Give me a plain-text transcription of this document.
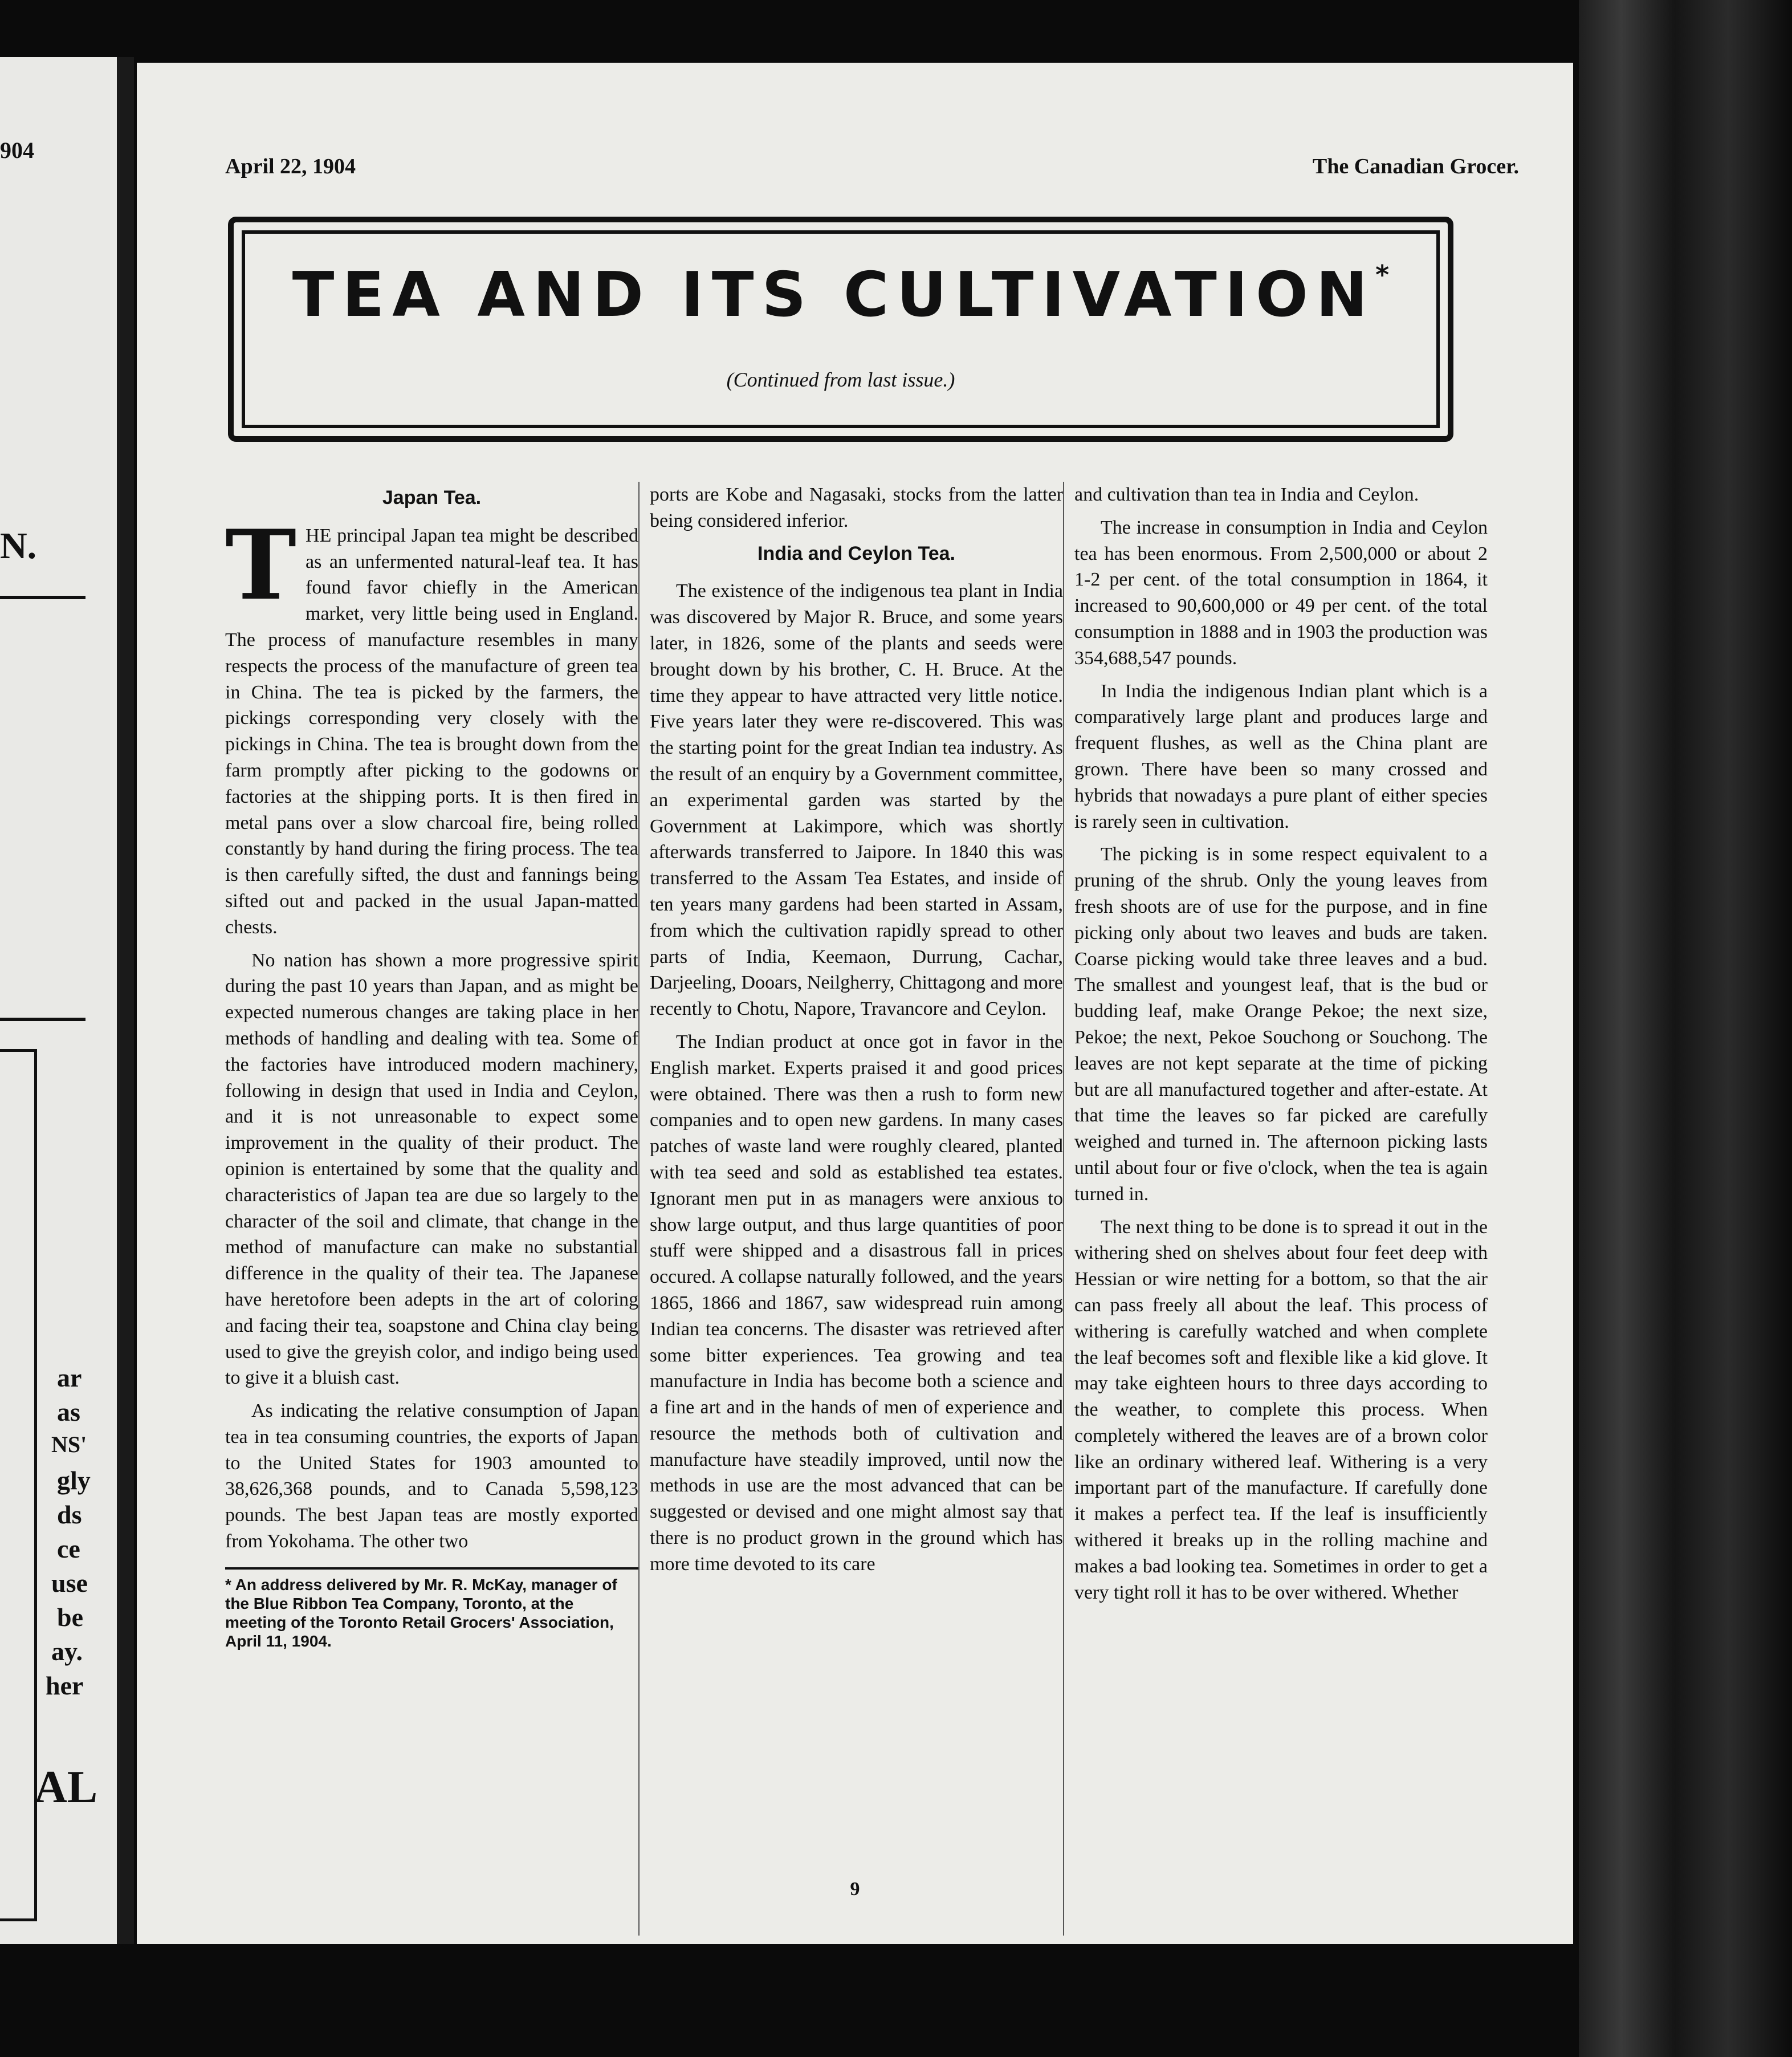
904
N.
ar
as
NS'
gly
ds
ce
use
be
ay.
her
AL
April 22, 1904	The Canadian Grocer.
TEA AND ITS CULTIVATION*
(Continued from last issue.)
Japan Tea.

THE principal Japan tea might be described as an unfermented natural-leaf tea. It has found favor chiefly in the American market, very little being used in England. The process of manufacture resembles in many respects the process of the manufacture of green tea in China. The tea is picked by the farmers, the pickings corresponding very closely with the pickings in China. The tea is brought down from the farm promptly after picking to the godowns or factories at the shipping ports. It is then fired in metal pans over a slow charcoal fire, being rolled constantly by hand during the firing process. The tea is then carefully sifted, the dust and fannings being sifted out and packed in the usual Japan-matted chests.

No nation has shown a more progressive spirit during the past 10 years than Japan, and as might be expected numerous changes are taking place in her methods of handling and dealing with tea. Some of the factories have introduced modern machinery, following in design that used in India and Ceylon, and it is not unreasonable to expect some improvement in the quality of their product. The opinion is entertained by some that the quality and characteristics of Japan tea are due so largely to the character of the soil and climate, that change in the method of manufacture can make no substantial difference in the quality of their tea. The Japanese have heretofore been adepts in the art of coloring and facing their tea, soapstone and China clay being used to give the greyish color, and indigo being used to give it a bluish cast.

As indicating the relative consumption of Japan tea in tea consuming countries, the exports of Japan to the United States for 1903 amounted to 38,626,368 pounds, and to Canada 5,598,123 pounds. The best Japan teas are mostly exported from Yokohama. The other two

* An address delivered by Mr. R. McKay, manager of the Blue Ribbon Tea Company, Toronto, at the meeting of the Toronto Retail Grocers' Association, April 11, 1904.

ports are Kobe and Nagasaki, stocks from the latter being considered inferior.

India and Ceylon Tea.

The existence of the indigenous tea plant in India was discovered by Major R. Bruce, and some years later, in 1826, some of the plants and seeds were brought down by his brother, C. H. Bruce. At the time they appear to have attracted very little notice. Five years later they were re-discovered. This was the starting point for the great Indian tea industry. As the result of an enquiry by a Government committee, an experimental garden was started by the Government at Lakimpore, which was shortly afterwards transferred to Jaipore. In 1840 this was transferred to the Assam Tea Estates, and inside of ten years many gardens had been started in Assam, from which the cultivation rapidly spread to other parts of India, Keemaon, Durrung, Cachar, Darjeeling, Dooars, Neilgherry, Chittagong and more recently to Chotu, Napore, Travancore and Ceylon.

The Indian product at once got in favor in the English market. Experts praised it and good prices were obtained. There was then a rush to form new companies and to open new gardens. In many cases patches of waste land were roughly cleared, planted with tea seed and sold as established tea estates. Ignorant men put in as managers were anxious to show large output, and thus large quantities of poor stuff were shipped and a disastrous fall in prices occured. A collapse naturally followed, and the years 1865, 1866 and 1867, saw widespread ruin among Indian tea concerns. The disaster was retrieved after some bitter experiences. Tea growing and tea manufacture in India has become both a science and a fine art and in the hands of men of experience and resource the methods both of cultivation and manufacture have steadily improved, until now the methods in use are the most advanced that can be suggested or devised and one might almost say that there is no product grown in the ground which has more time devoted to its care

and cultivation than tea in India and Ceylon.

The increase in consumption in India and Ceylon tea has been enormous. From 2,500,000 or about 2 1-2 per cent. of the total consumption in 1864, it increased to 90,600,000 or 49 per cent. of the total consumption in 1888 and in 1903 the production was 354,688,547 pounds.

In India the indigenous Indian plant which is a comparatively large plant and produces large and frequent flushes, as well as the China plant are grown. There have been so many crossed and hybrids that nowadays a pure plant of either species is rarely seen in cultivation.

The picking is in some respect equivalent to a pruning of the shrub. Only the young leaves from fresh shoots are of use for the purpose, and in fine picking only about two leaves and buds are taken. Coarse picking would take three leaves and a bud. The smallest and youngest leaf, that is the bud or budding leaf, make Orange Pekoe; the next size, Pekoe; the next, Pekoe Souchong or Souchong. The leaves are not kept separate at the time of picking but are all manufactured together and after-estate. At that time the leaves so far picked are carefully weighed and turned in. The afternoon picking lasts until about four or five o'clock, when the tea is again turned in.

The next thing to be done is to spread it out in the withering shed on shelves about four feet deep with Hessian or wire netting for a bottom, so that the air can pass freely all about the leaf. This process of withering is carefully watched and when complete the leaf becomes soft and flexible like a kid glove. It may take eighteen hours to three days according to the weather, to complete this process. When completely withered the leaves are of a brown color like an ordinary withered leaf. Withering is a very important part of the manufacture. If carefully done it makes a perfect tea. If the leaf is insufficiently withered it breaks up in the rolling machine and makes a bad looking tea. Sometimes in order to get a very tight roll it has to be over withered. Whether

9
